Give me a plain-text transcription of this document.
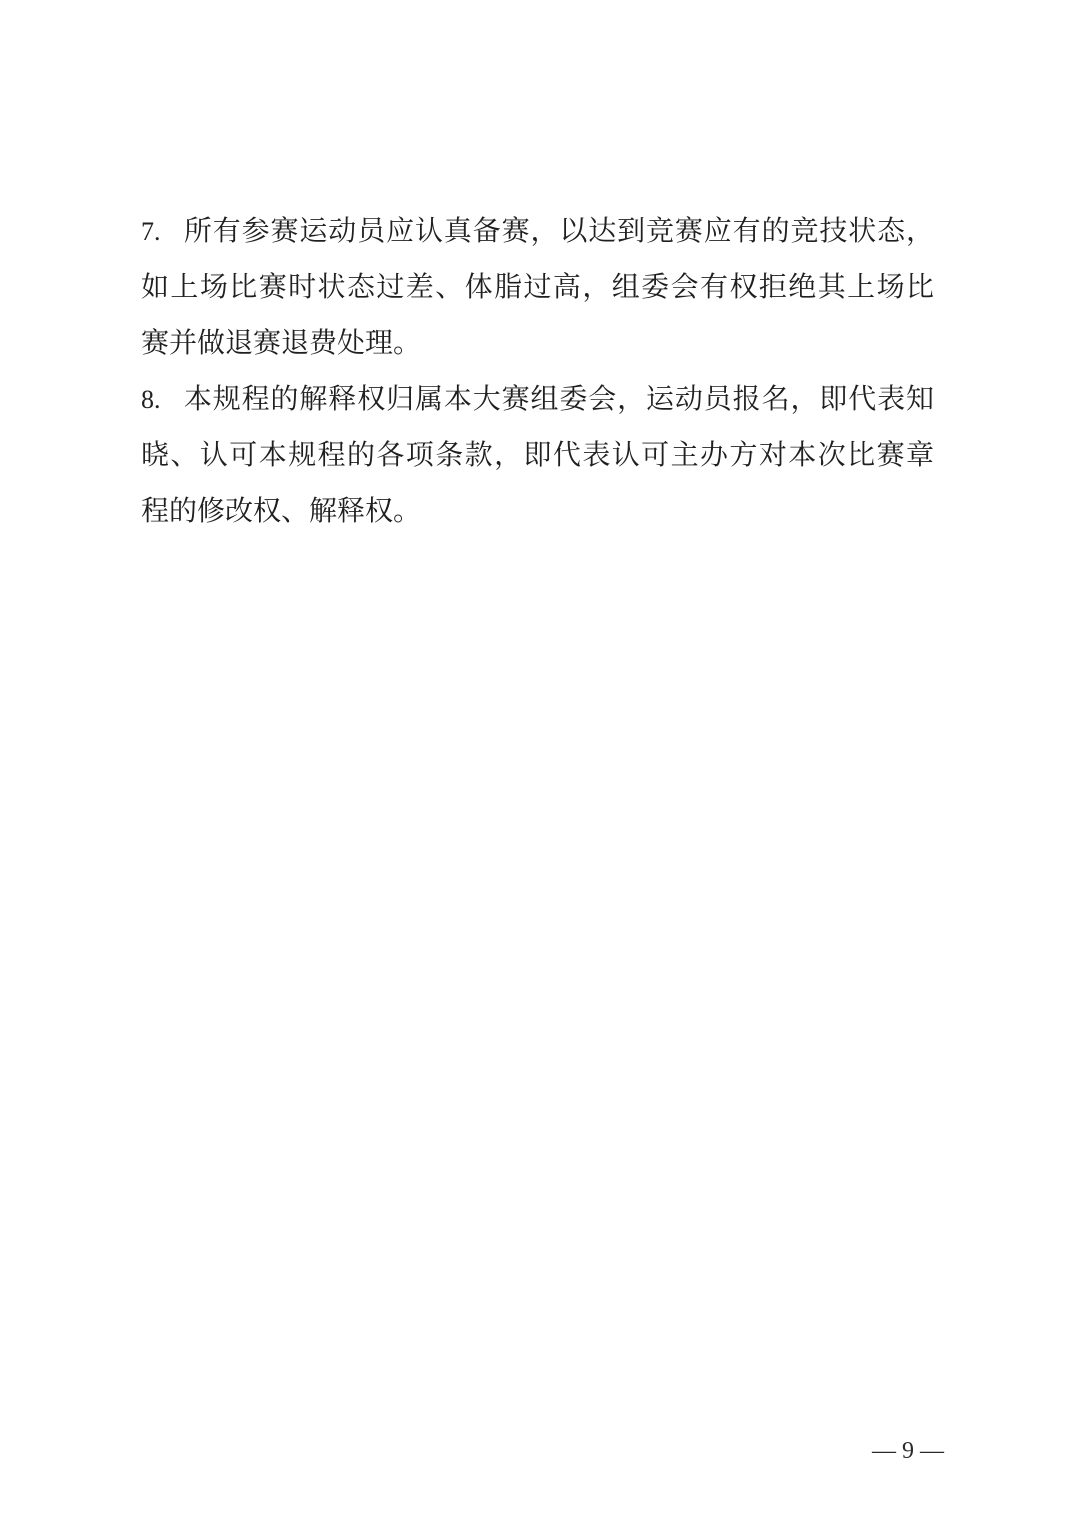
7. 所有参赛运动员应认真备赛，以达到竞赛应有的竞技状态，
如上场比赛时状态过差、体脂过高，组委会有权拒绝其上场比
赛并做退赛退费处理。
8. 本规程的解释权归属本大赛组委会，运动员报名，即代表知
晓、认可本规程的各项条款，即代表认可主办方对本次比赛章
程的修改权、解释权。
— 9 —
